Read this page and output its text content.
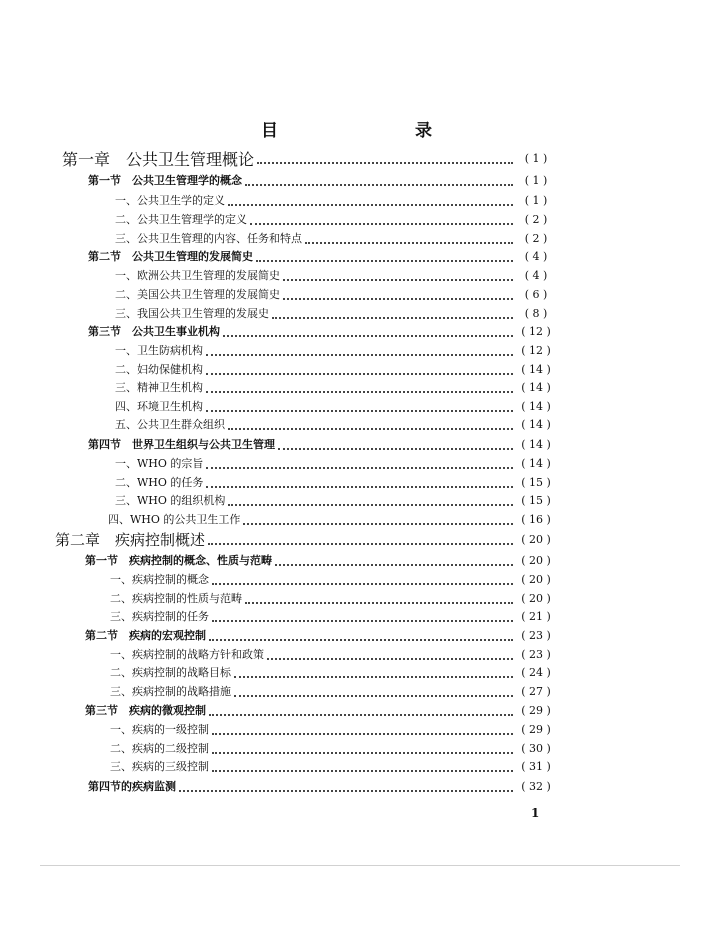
目　录
第一章　公共卫生管理概论	( 1 )
第一节　公共卫生管理学的概念	( 1 )
一、公共卫生学的定义	( 1 )
二、公共卫生管理学的定义	( 2 )
三、公共卫生管理的内容、任务和特点	( 2 )
第二节　公共卫生管理的发展简史	( 4 )
一、欧洲公共卫生管理的发展简史	( 4 )
二、美国公共卫生管理的发展简史	( 6 )
三、我国公共卫生管理的发展史	( 8 )
第三节　公共卫生事业机构	( 12 )
一、卫生防病机构	( 12 )
二、妇幼保健机构	( 14 )
三、精神卫生机构	( 14 )
四、环境卫生机构	( 14 )
五、公共卫生群众组织	( 14 )
第四节　世界卫生组织与公共卫生管理	( 14 )
一、WHO 的宗旨	( 14 )
二、WHO 的任务	( 15 )
三、WHO 的组织机构	( 15 )
四、WHO 的公共卫生工作	( 16 )
第二章　疾病控制概述	( 20 )
第一节　疾病控制的概念、性质与范畴	( 20 )
一、疾病控制的概念	( 20 )
二、疾病控制的性质与范畴	( 20 )
三、疾病控制的任务	( 21 )
第二节　疾病的宏观控制	( 23 )
一、疾病控制的战略方针和政策	( 23 )
二、疾病控制的战略目标	( 24 )
三、疾病控制的战略措施	( 27 )
第三节　疾病的微观控制	( 29 )
一、疾病的一级控制	( 29 )
二、疾病的二级控制	( 30 )
三、疾病的三级控制	( 31 )
第四节的疾病监测	( 32 )
1
